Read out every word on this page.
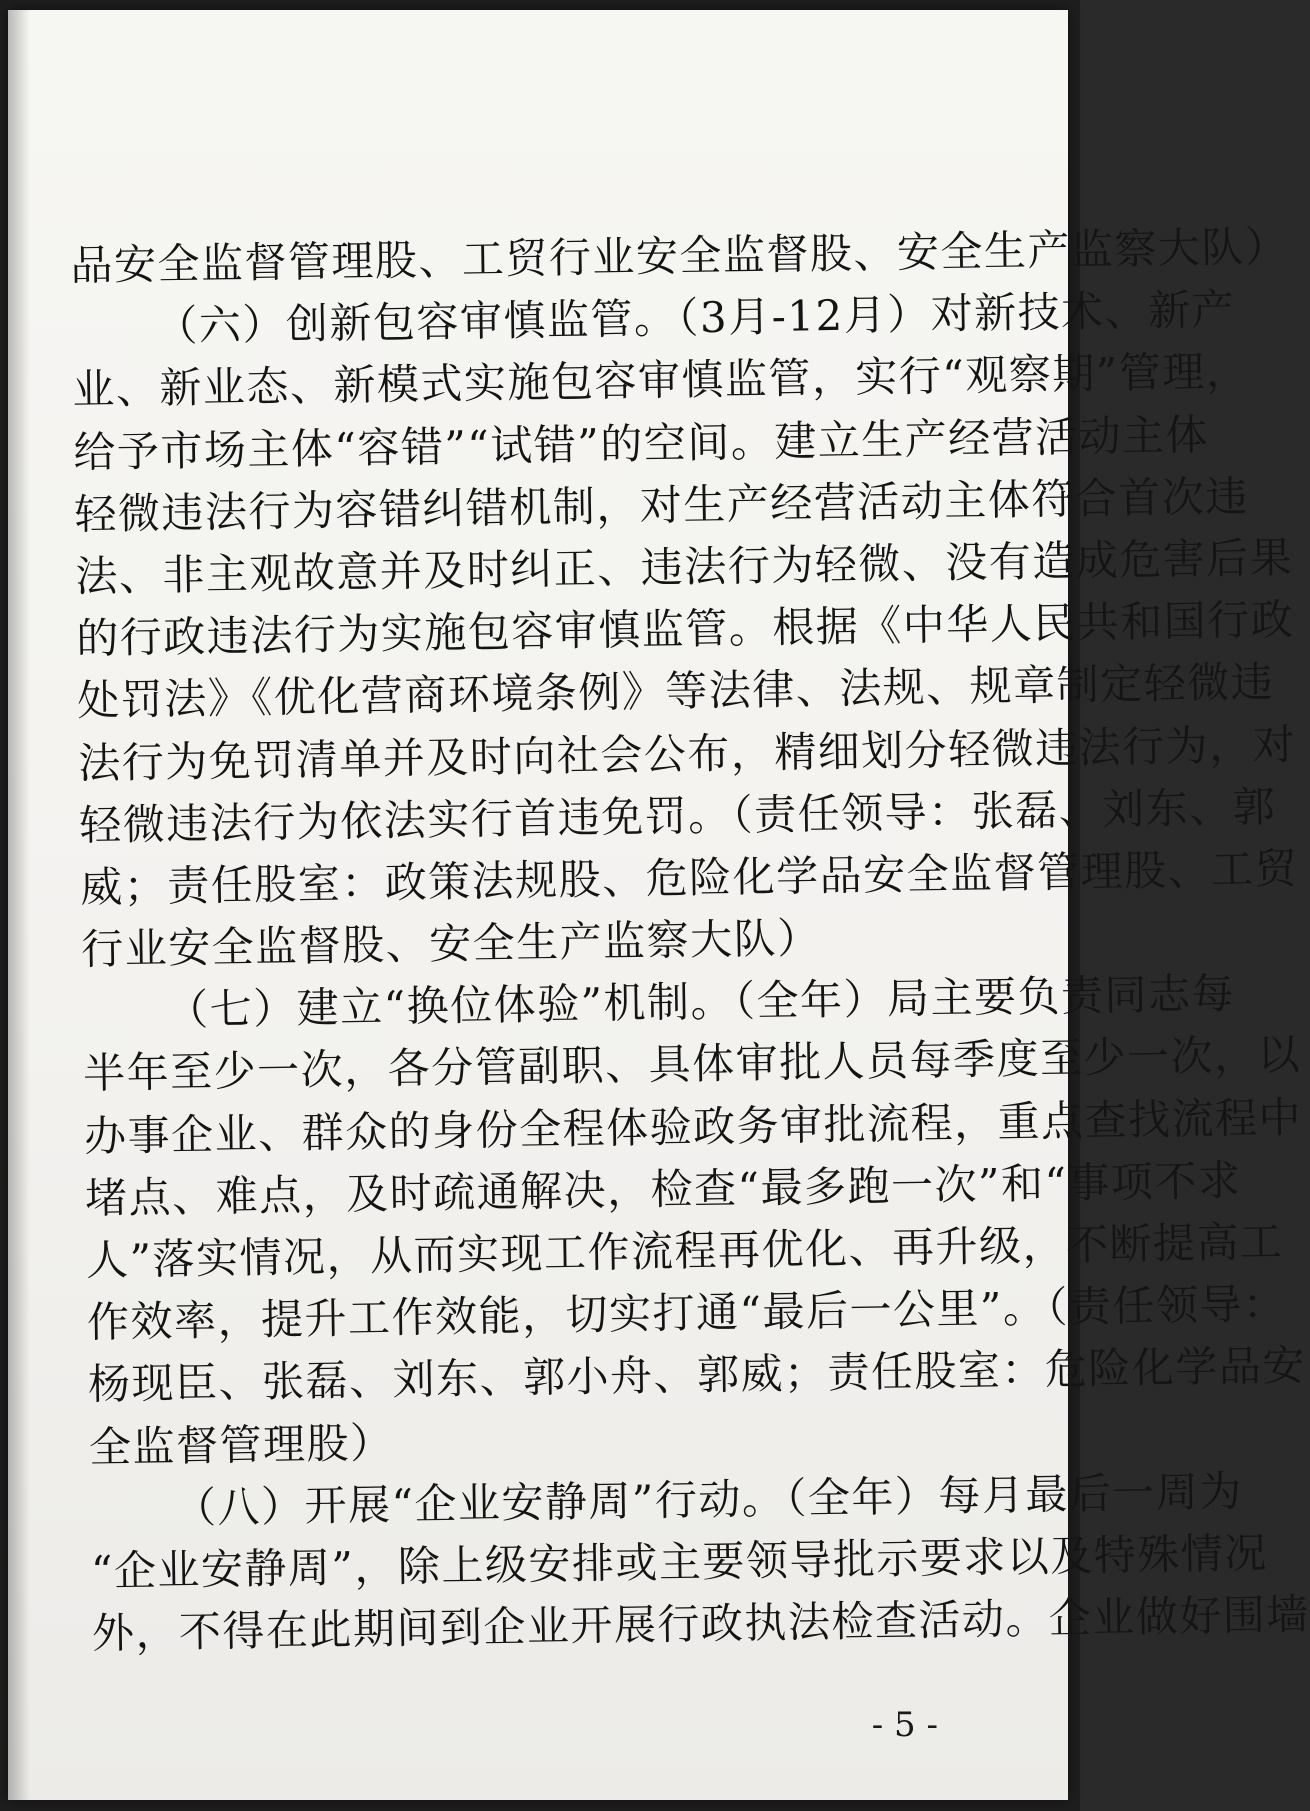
品安全监督管理股、工贸行业安全监督股、安全生产监察大队）
（六）创新包容审慎监管。（3月-12月）对新技术、新产
业、新业态、新模式实施包容审慎监管，实行“观察期”管理，
给予市场主体“容错”“试错”的空间。建立生产经营活动主体
轻微违法行为容错纠错机制，对生产经营活动主体符合首次违
法、非主观故意并及时纠正、违法行为轻微、没有造成危害后果
的行政违法行为实施包容审慎监管。根据《中华人民共和国行政
处罚法》《优化营商环境条例》等法律、法规、规章制定轻微违
法行为免罚清单并及时向社会公布，精细划分轻微违法行为，对
轻微违法行为依法实行首违免罚。（责任领导：张磊、刘东、郭
威；责任股室：政策法规股、危险化学品安全监督管理股、工贸
行业安全监督股、安全生产监察大队）
（七）建立“换位体验”机制。（全年）局主要负责同志每
半年至少一次，各分管副职、具体审批人员每季度至少一次，以
办事企业、群众的身份全程体验政务审批流程，重点查找流程中
堵点、难点，及时疏通解决，检查“最多跑一次”和“事项不求
人”落实情况，从而实现工作流程再优化、再升级，不断提高工
作效率，提升工作效能，切实打通“最后一公里”。（责任领导：
杨现臣、张磊、刘东、郭小舟、郭威；责任股室：危险化学品安
全监督管理股）
（八）开展“企业安静周”行动。（全年）每月最后一周为
“企业安静周”，除上级安排或主要领导批示要求以及特殊情况
外，不得在此期间到企业开展行政执法检查活动。企业做好围墙
- 5 -
